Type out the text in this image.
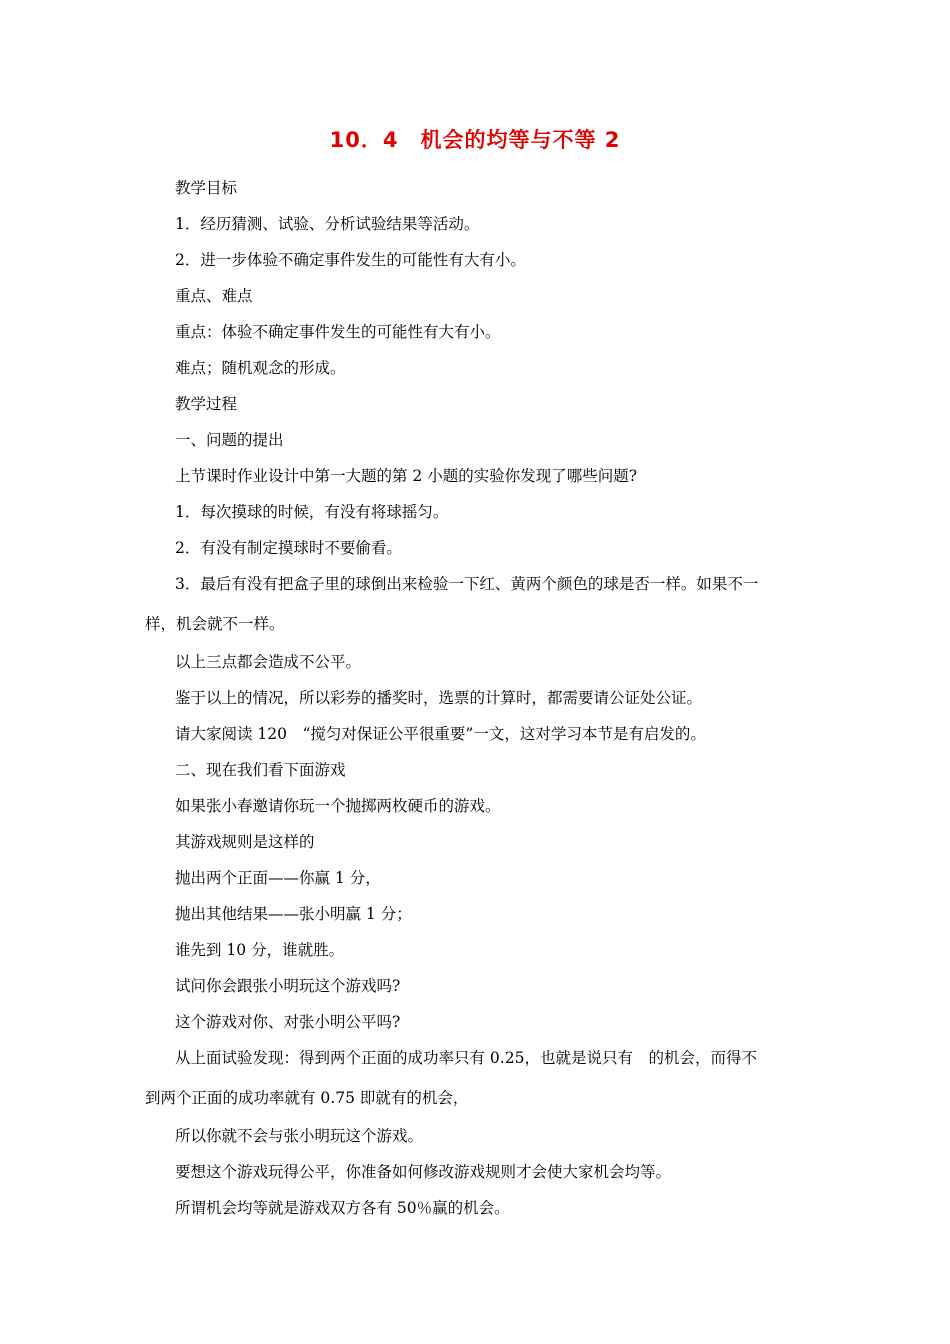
10．4　机会的均等与不等 2
教学目标
1．经历猜测、试验、分析试验结果等活动。
2．进一步体验不确定事件发生的可能性有大有小。
重点、难点
重点：体验不确定事件发生的可能性有大有小。
难点；随机观念的形成。
教学过程
一、问题的提出
上节课时作业设计中第一大题的第 2 小题的实验你发现了哪些问题?
1．每次摸球的时候，有没有将球摇匀。
2．有没有制定摸球时不要偷看。
3．最后有没有把盒子里的球倒出来检验一下红、黄两个颜色的球是否一样。如果不一
样，机会就不一样。
以上三点都会造成不公平。
鉴于以上的情况，所以彩券的播奖时，选票的计算时，都需要请公证处公证。
请大家阅读 120　“搅匀对保证公平很重要”一文，这对学习本节是有启发的。
二、现在我们看下面游戏
如果张小春邀请你玩一个抛掷两枚硬币的游戏。
其游戏规则是这样的
抛出两个正面——你赢 1 分，
抛出其他结果——张小明赢 1 分；
谁先到 10 分，谁就胜。
试问你会跟张小明玩这个游戏吗?
这个游戏对你、对张小明公平吗?
从上面试验发现：得到两个正面的成功率只有 0.25，也就是说只有　的机会，而得不
到两个正面的成功率就有 0.75 即就有的机会，
所以你就不会与张小明玩这个游戏。
要想这个游戏玩得公平，你准备如何修改游戏规则才会使大家机会均等。
所谓机会均等就是游戏双方各有 50％赢的机会。
